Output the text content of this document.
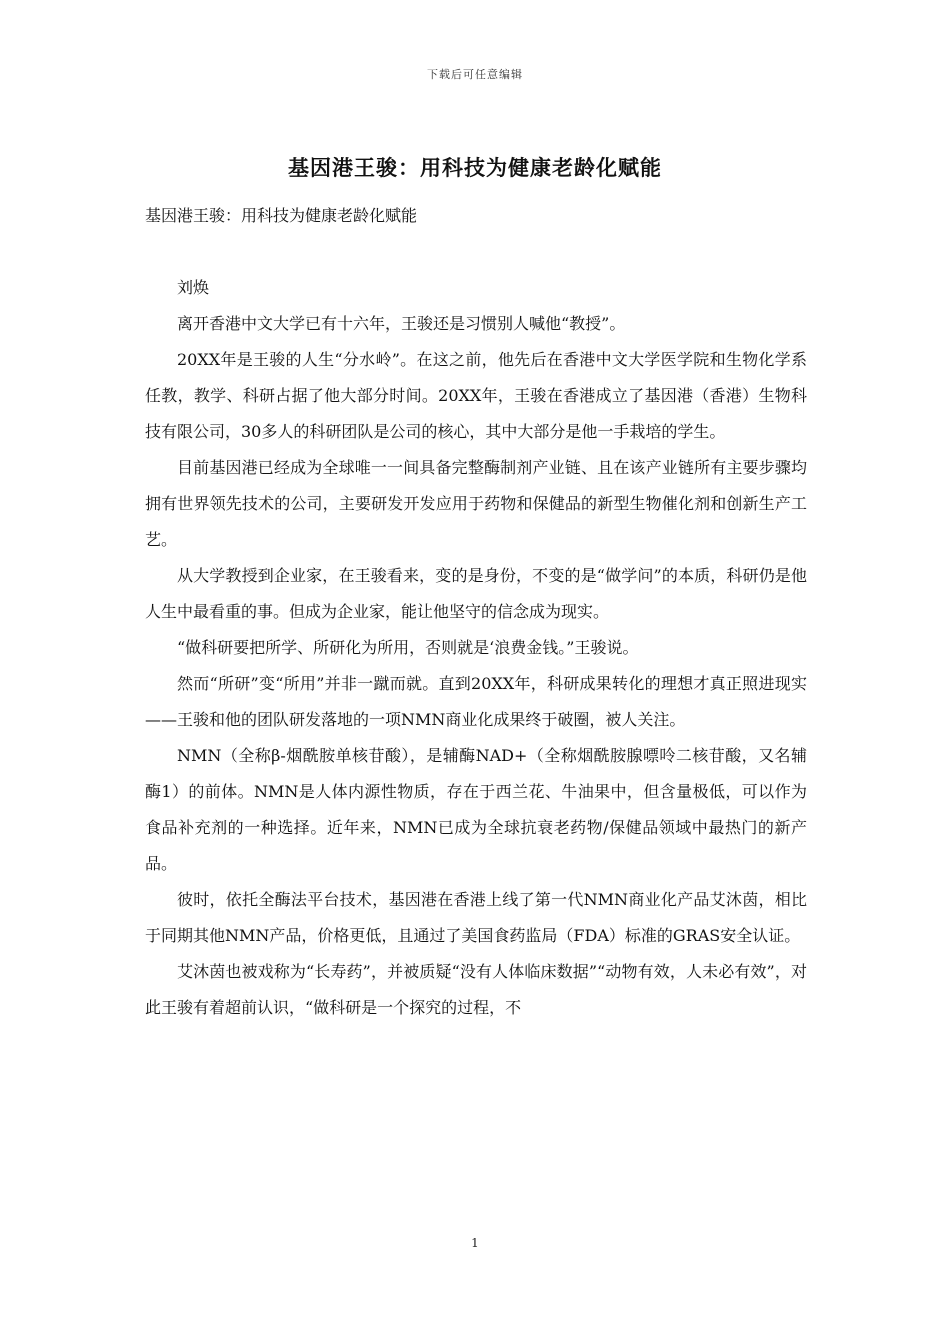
下载后可任意编辑
基因港王骏：用科技为健康老龄化赋能

基因港王骏：用科技为健康老龄化赋能

刘焕

离开香港中文大学已有十六年，王骏还是习惯别人喊他“教授”。

20XX年是王骏的人生“分水岭”。在这之前，他先后在香港中文大学医学院和生物化学系任教，教学、科研占据了他大部分时间。20XX年，王骏在香港成立了基因港（香港）生物科技有限公司，30多人的科研团队是公司的核心，其中大部分是他一手栽培的学生。

目前基因港已经成为全球唯一一间具备完整酶制剂产业链、且在该产业链所有主要步骤均拥有世界领先技术的公司，主要研发开发应用于药物和保健品的新型生物催化剂和创新生产工艺。

从大学教授到企业家，在王骏看来，变的是身份，不变的是“做学问”的本质，科研仍是他人生中最看重的事。但成为企业家，能让他坚守的信念成为现实。

“做科研要把所学、所研化为所用，否则就是‘浪费金钱。”王骏说。

然而“所研”变“所用”并非一蹴而就。直到20XX年，科研成果转化的理想才真正照进现实——王骏和他的团队研发落地的一项NMN商业化成果终于破圈，被人关注。

NMN（全称β-烟酰胺单核苷酸），是辅酶NAD+（全称烟酰胺腺嘌呤二核苷酸，又名辅酶1）的前体。NMN是人体内源性物质，存在于西兰花、牛油果中，但含量极低，可以作为食品补充剂的一种选择。近年来，NMN已成为全球抗衰老药物/保健品领域中最热门的新产品。

彼时，依托全酶法平台技术，基因港在香港上线了第一代NMN商业化产品艾沐茵，相比于同期其他NMN产品，价格更低，且通过了美国食药监局（FDA）标准的GRAS安全认证。

艾沐茵也被戏称为“长寿药”，并被质疑“没有人体临床数据”“动物有效，人未必有效”，对此王骏有着超前认识，“做科研是一个探究的过程，不

1
